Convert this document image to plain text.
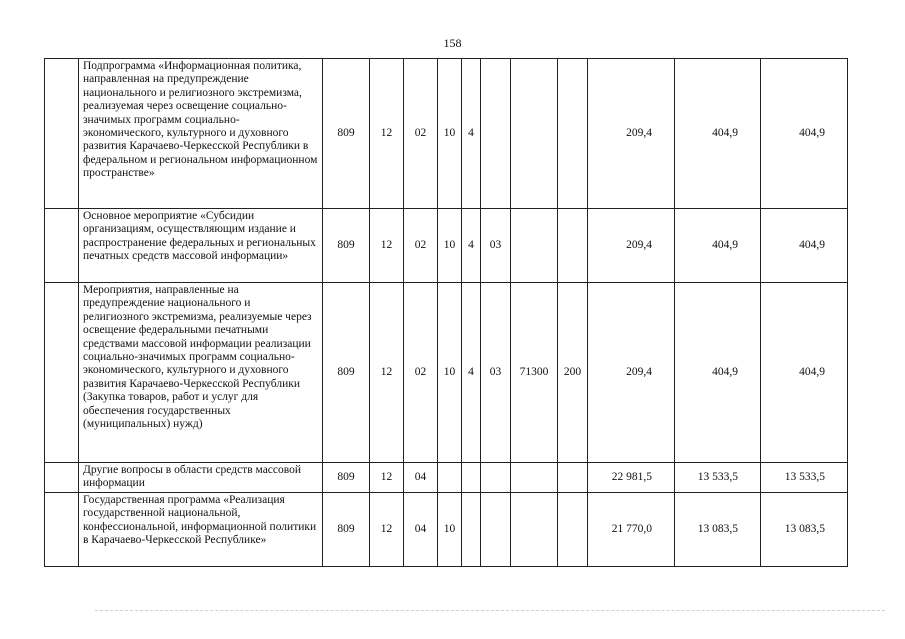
158
	Подпрограмма «Информационная политика, направленная на предупреждение национального и религиозного экстремизма, реализуемая через освещение социально-значимых программ социально-экономического, культурного и духовного развития Карачаево-Черкесской Республики в федеральном и региональном информационном пространстве»	809	12	02	10	4				209,4	404,9	404,9
	Основное мероприятие «Субсидии организациям, осуществляющим издание и распространение федеральных и региональных печатных средств массовой информации»	809	12	02	10	4	03			209,4	404,9	404,9
	Мероприятия, направленные на предупреждение национального и религиозного экстремизма, реализуемые через освещение федеральными печатными средствами массовой информации реализации социально-значимых программ социально-экономического, культурного и духовного развития Карачаево-Черкесской Республики (Закупка товаров, работ и услуг для обеспечения государственных (муниципальных) нужд)	809	12	02	10	4	03	71300	200	209,4	404,9	404,9
	Другие вопросы в области средств массовой информации	809	12	04						22 981,5	13 533,5	13 533,5
	Государственная программа «Реализация государственной национальной, конфессиональной, информационной политики в Карачаево-Черкесской Республике»	809	12	04	10					21 770,0	13 083,5	13 083,5
